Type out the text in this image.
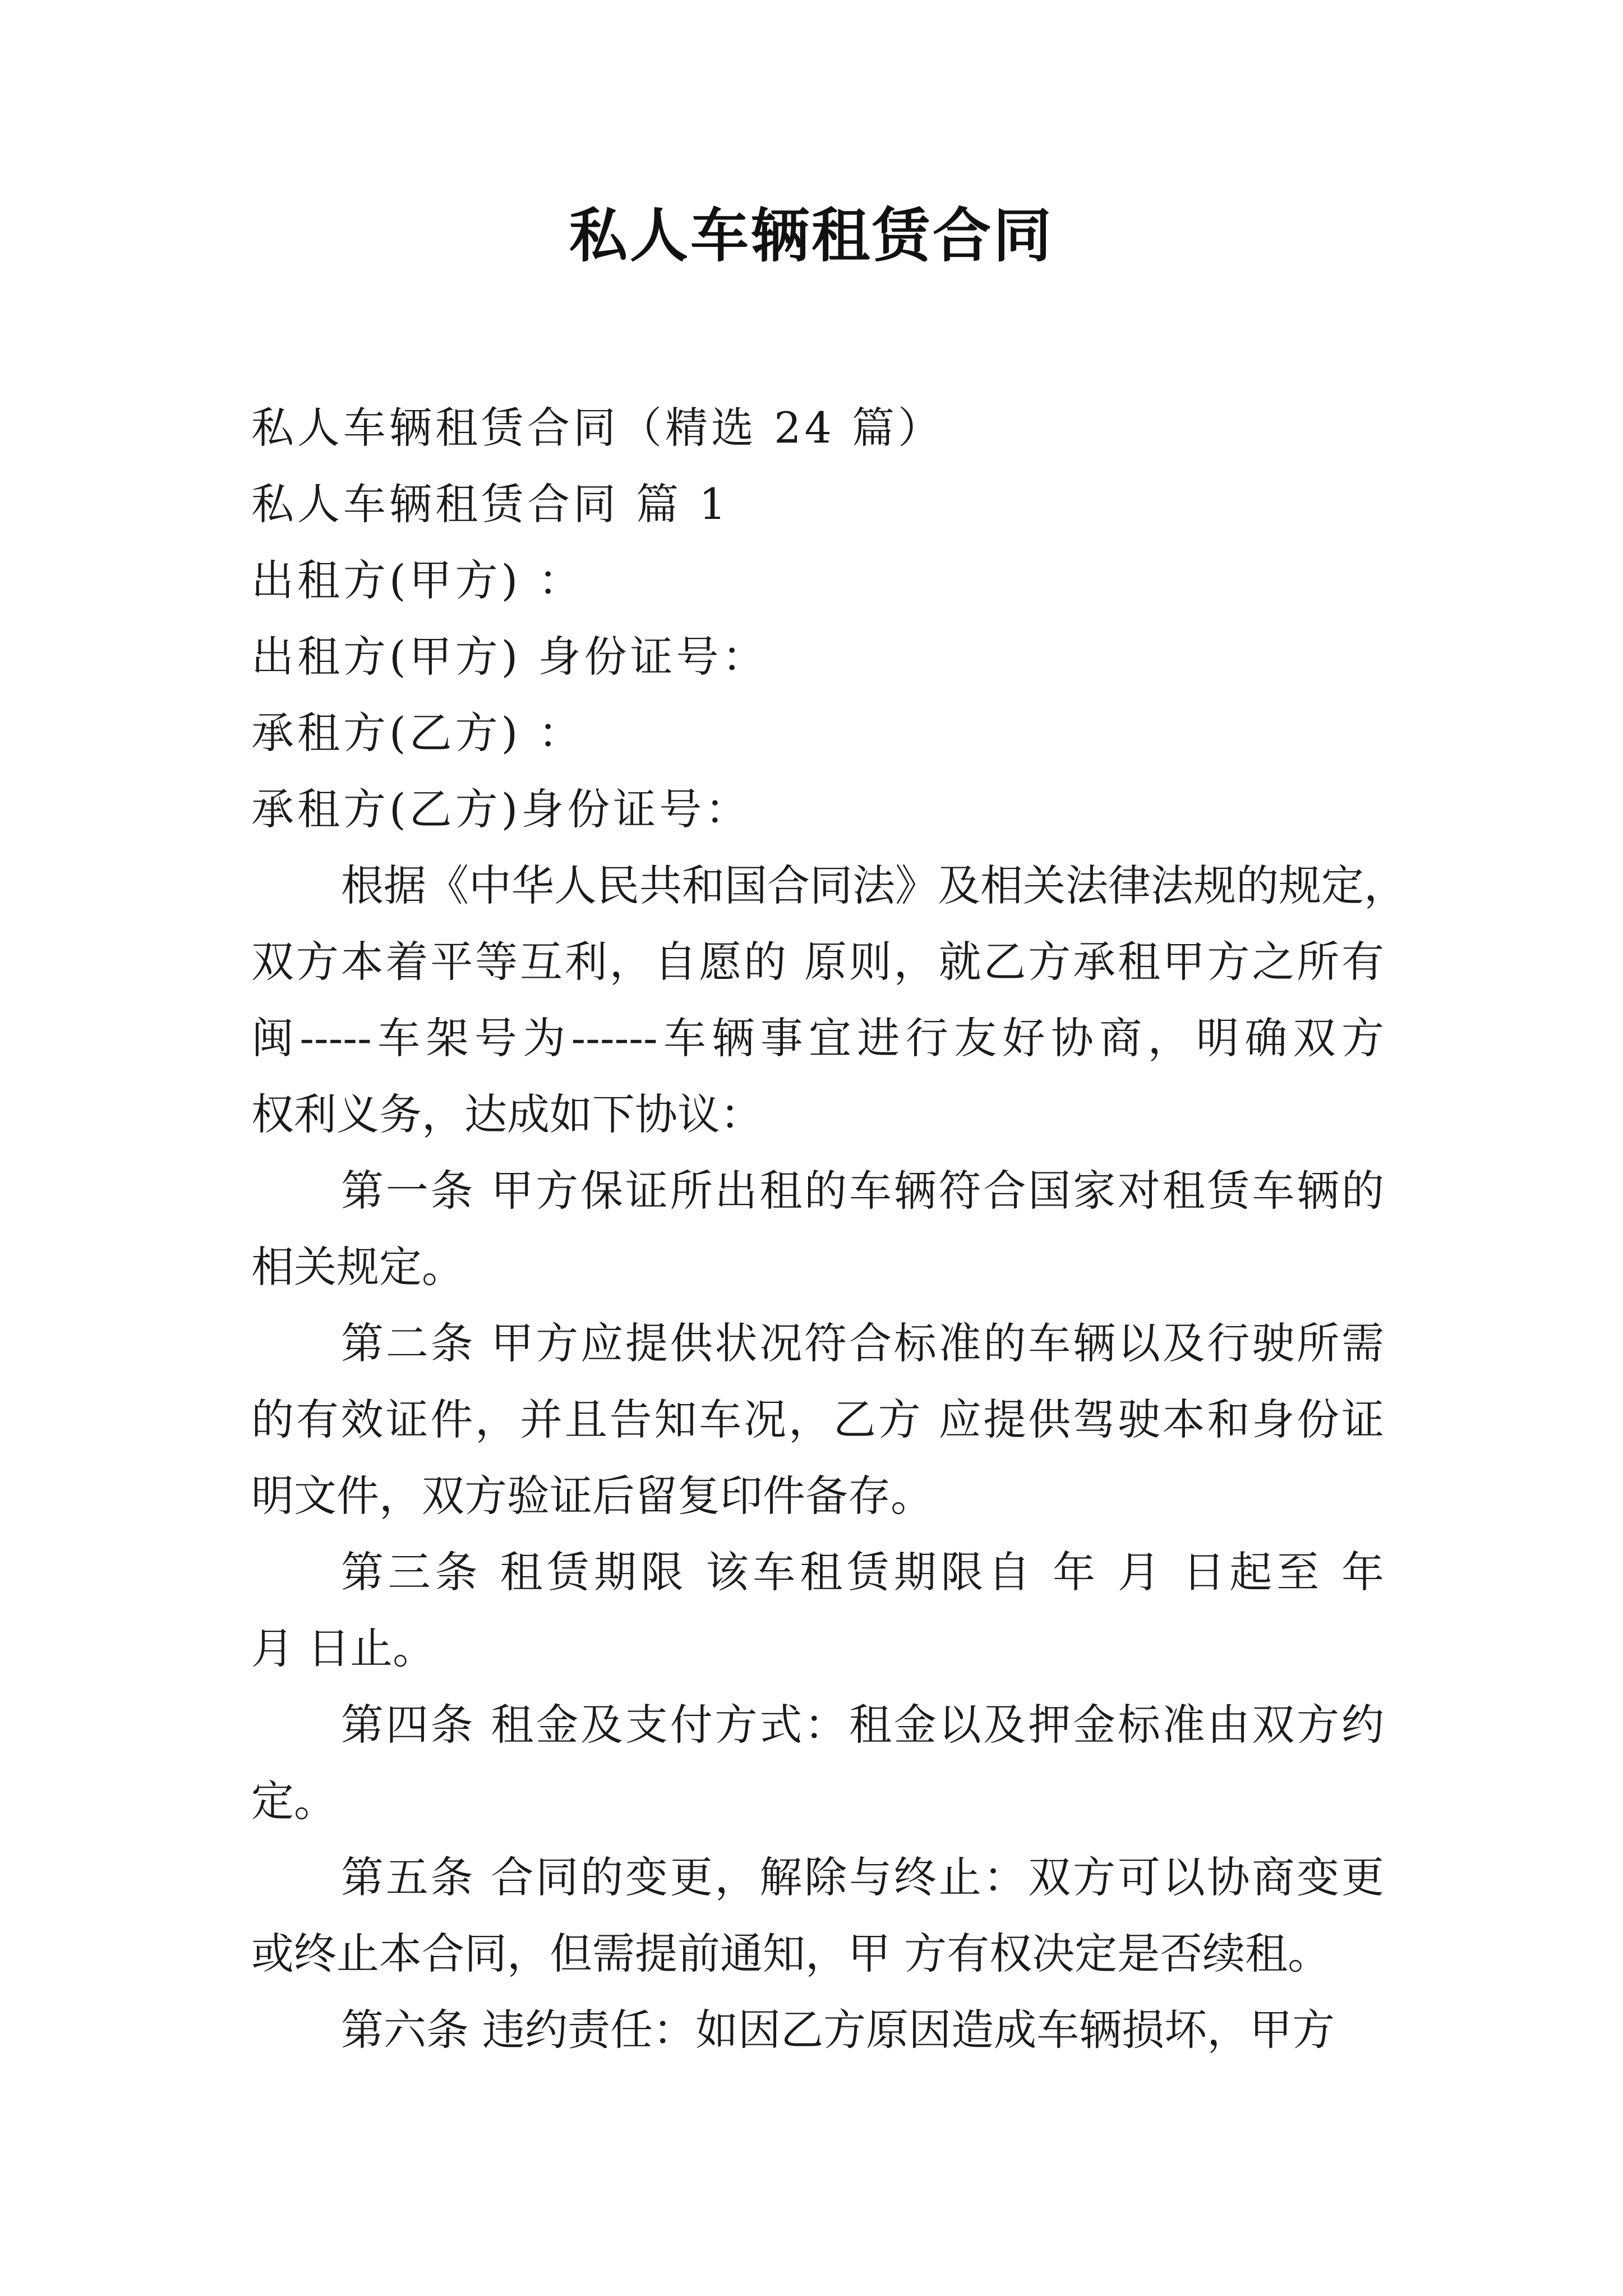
私人车辆租赁合同
私人车辆租赁合同（精选 24 篇）
私人车辆租赁合同 篇 1
出租方(甲方) ：
出租方(甲方) 身份证号：
承租方(乙方) ：
承租方(乙方)身份证号：
根据《中华人民共和国合同法》及相关法律法规的规定，
双方本着平等互利，自愿的 原则，就乙方承租甲方之所有
闽-----车架号为------车辆事宜进行友好协商，明确双方
权利义务，达成如下协议：
第一条 甲方保证所出租的车辆符合国家对租赁车辆的
相关规定。
第二条 甲方应提供状况符合标准的车辆以及行驶所需
的有效证件，并且告知车况，乙方 应提供驾驶本和身份证
明文件，双方验证后留复印件备存。
第三条 租赁期限 该车租赁期限自 年 月 日起至 年
月 日止。
第四条 租金及支付方式：租金以及押金标准由双方约
定。
第五条 合同的变更，解除与终止：双方可以协商变更
或终止本合同，但需提前通知，甲 方有权决定是否续租。
第六条 违约责任：如因乙方原因造成车辆损坏，甲方
